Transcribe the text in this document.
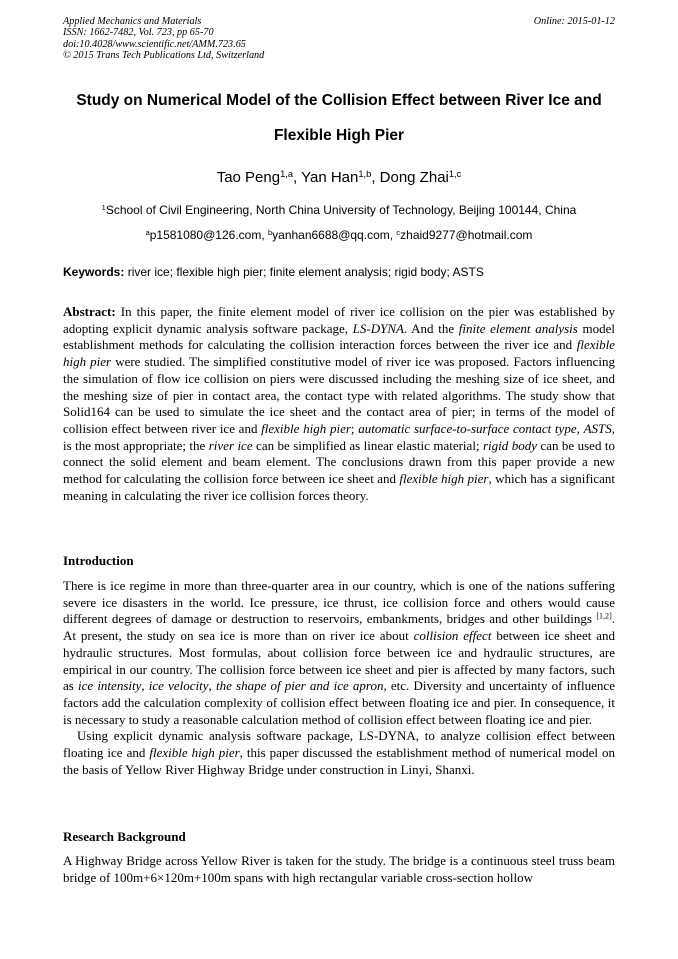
Applied Mechanics and Materials
ISSN: 1662-7482, Vol. 723, pp 65-70
doi:10.4028/www.scientific.net/AMM.723.65
© 2015 Trans Tech Publications Ltd, Switzerland
Online: 2015-01-12
Study on Numerical Model of the Collision Effect between River Ice and
Flexible High Pier
Tao Peng$^{1,a}$, Yan Han$^{1,b}$, Dong Zhai$^{1,c}$
$^1$School of Civil Engineering, North China University of Technology, Beijing 100144, China
$^a$p1581080@126.com, $^b$yanhan6688@qq.com, $^c$zhaid9277@hotmail.com
Keywords: river ice; flexible high pier; finite element analysis; rigid body; ASTS

Abstract: In this paper, the finite element model of river ice collision on the pier was established by adopting explicit dynamic analysis software package, LS-DYNA. And the finite element analysis model establishment methods for calculating the collision interaction forces between the river ice and flexible high pier were studied. The simplified constitutive model of river ice was proposed. Factors influencing the simulation of flow ice collision on piers were discussed including the meshing size of ice sheet, and the meshing size of pier in contact area, the contact type with related algorithms. The study show that Solid164 can be used to simulate the ice sheet and the contact area of pier; in terms of the model of collision effect between river ice and flexible high pier; automatic surface-to-surface contact type, ASTS, is the most appropriate; the river ice can be simplified as linear elastic material; rigid body can be used to connect the solid element and beam element. The conclusions drawn from this paper provide a new method for calculating the collision force between ice sheet and flexible high pier, which has a significant meaning in calculating the river ice collision forces theory.

Introduction

There is ice regime in more than three-quarter area in our country, which is one of the nations suffering severe ice disasters in the world. Ice pressure, ice thrust, ice collision force and others would cause different degrees of damage or destruction to reservoirs, embankments, bridges and other buildings [1,2]. At present, the study on sea ice is more than on river ice about collision effect between ice sheet and hydraulic structures. Most formulas, about collision force between ice and hydraulic structures, are empirical in our country. The collision force between ice sheet and pier is affected by many factors, such as ice intensity, ice velocity, the shape of pier and ice apron, etc. Diversity and uncertainty of influence factors add the calculation complexity of collision effect between floating ice and pier. In consequence, it is necessary to study a reasonable calculation method of collision effect between floating ice and pier.

Using explicit dynamic analysis software package, LS-DYNA, to analyze collision effect between floating ice and flexible high pier, this paper discussed the establishment method of numerical model on the basis of Yellow River Highway Bridge under construction in Linyi, Shanxi.

Research Background

A Highway Bridge across Yellow River is taken for the study. The bridge is a continuous steel truss beam bridge of 100m+6×120m+100m spans with high rectangular variable cross-section hollow
